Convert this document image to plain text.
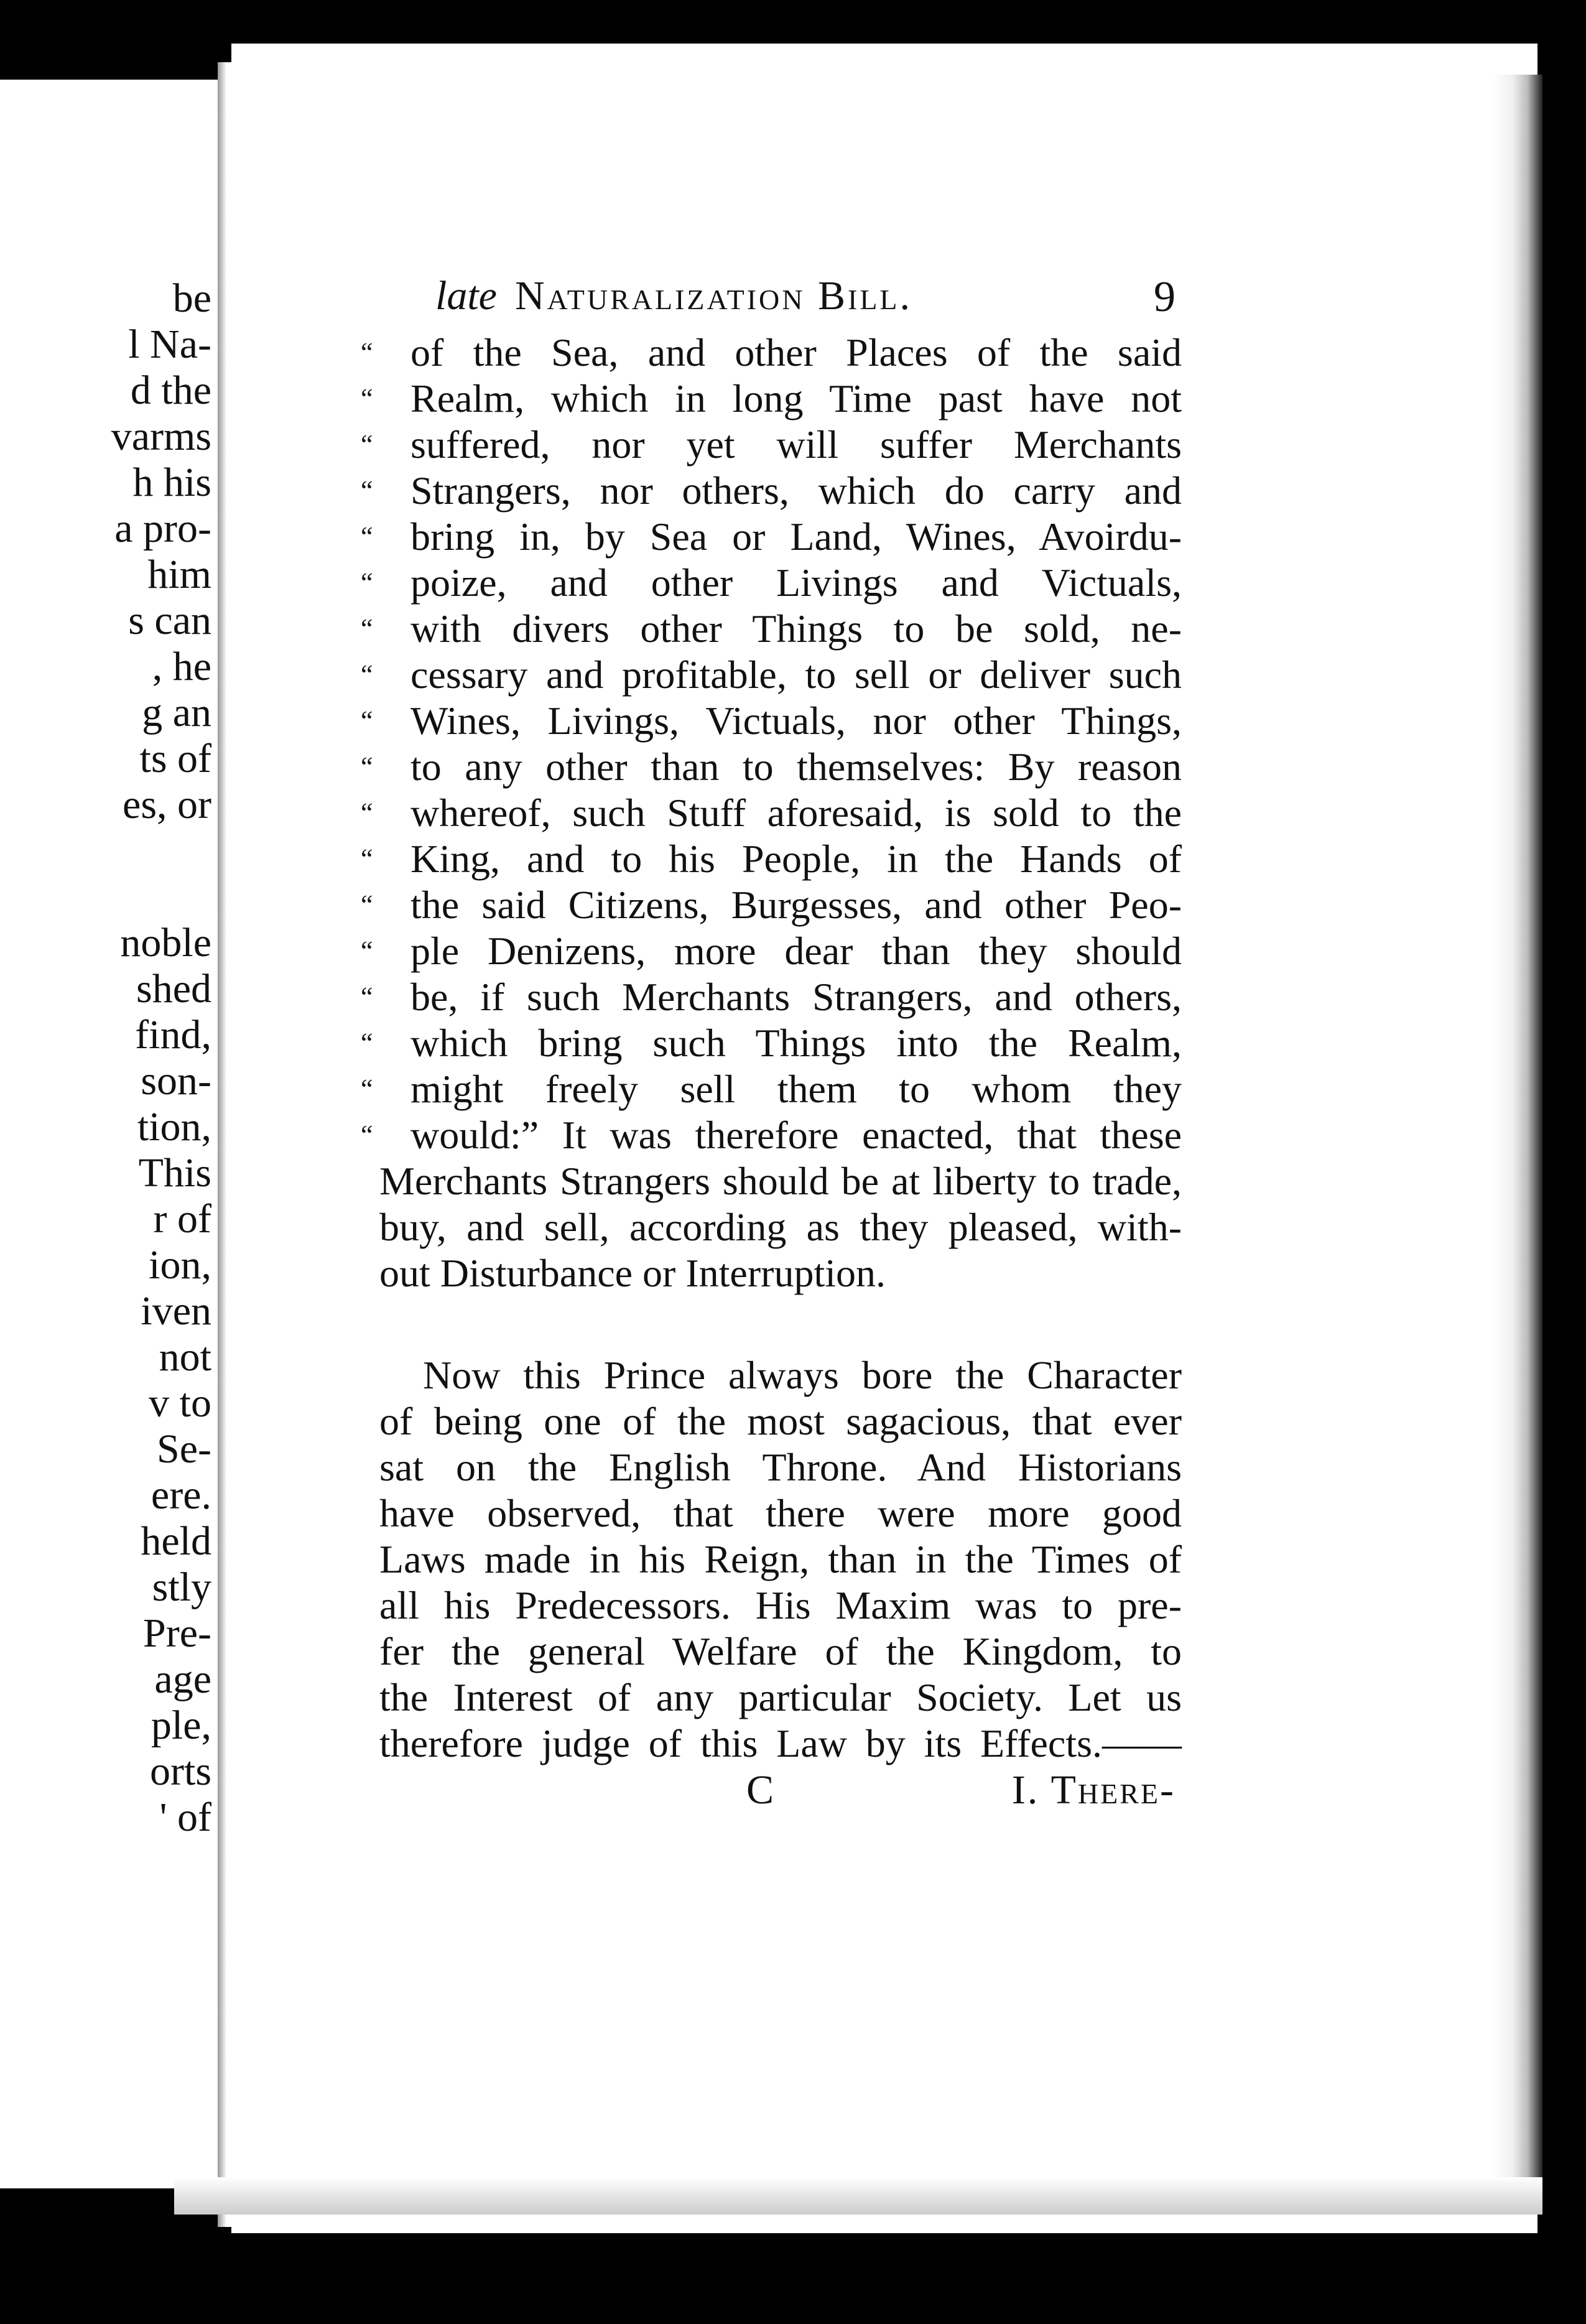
be
l Na-
d the
varms
h his
a pro-
him
s can
, he
g an
ts of
es, or
noble
shed
find,
son-
tion,
This
r of
ion,
iven
not
v to
Se-
ere.
held
stly
Pre-
age
ple,
orts
' of
late Naturalization Bill.	9
“ of the Sea, and other Places of the said
“ Realm, which in long Time past have not
“ suffered, nor yet will suffer Merchants
“ Strangers, nor others, which do carry and
“ bring in, by Sea or Land, Wines, Avoirdu-
“ poize, and other Livings and Victuals,
“ with divers other Things to be sold, ne-
“ cessary and profitable, to sell or deliver such
“ Wines, Livings, Victuals, nor other Things,
“ to any other than to themselves: By reason
“ whereof, such Stuff aforesaid, is sold to the
“ King, and to his People, in the Hands of
“ the said Citizens, Burgesses, and other Peo-
“ ple Denizens, more dear than they should
“ be, if such Merchants Strangers, and others,
“ which bring such Things into the Realm,
“ might freely sell them to whom they
“ would:” It was therefore enacted, that these
Merchants Strangers should be at liberty to trade,
buy, and sell, according as they pleased, with-
out Disturbance or Interruption.
Now this Prince always bore the Character
of being one of the most sagacious, that ever
sat on the English Throne. And Historians
have observed, that there were more good
Laws made in his Reign, than in the Times of
all his Predecessors. His Maxim was to pre-
fer the general Welfare of the Kingdom, to
the Interest of any particular Society. Let us
therefore judge of this Law by its Effects.——
C	I. There-
